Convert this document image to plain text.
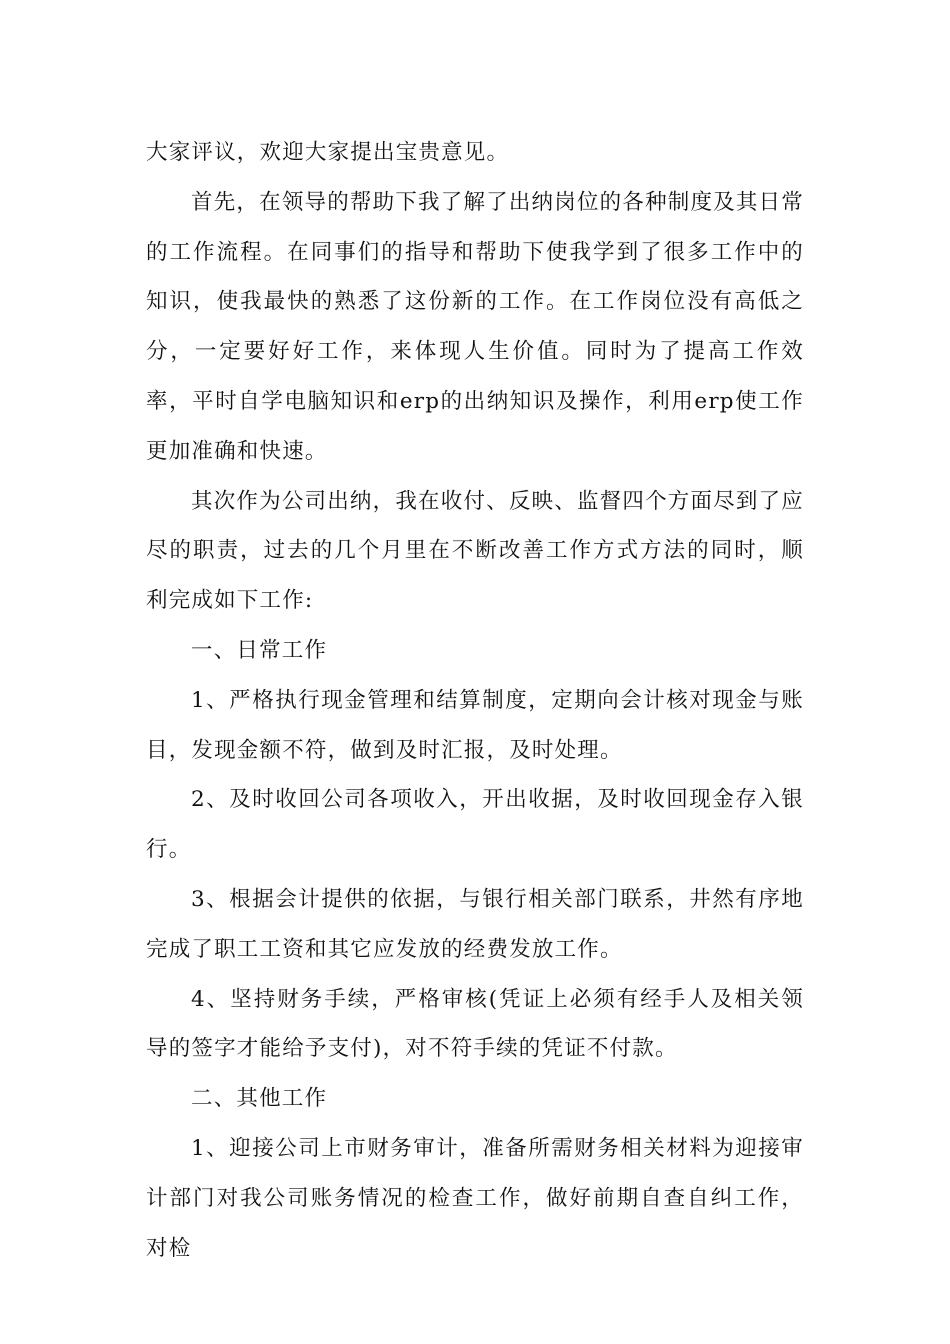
大家评议，欢迎大家提出宝贵意见。

首先，在领导的帮助下我了解了出纳岗位的各种制度及其日常的工作流程。在同事们的指导和帮助下使我学到了很多工作中的知识，使我最快的熟悉了这份新的工作。在工作岗位没有高低之分，一定要好好工作，来体现人生价值。同时为了提高工作效率，平时自学电脑知识和erp的出纳知识及操作，利用erp使工作更加准确和快速。

其次作为公司出纳，我在收付、反映、监督四个方面尽到了应尽的职责，过去的几个月里在不断改善工作方式方法的同时，顺利完成如下工作:

一、日常工作

1、严格执行现金管理和结算制度，定期向会计核对现金与账目，发现金额不符，做到及时汇报，及时处理。

2、及时收回公司各项收入，开出收据，及时收回现金存入银行。

3、根据会计提供的依据，与银行相关部门联系，井然有序地完成了职工工资和其它应发放的经费发放工作。

4、坚持财务手续，严格审核(凭证上必须有经手人及相关领导的签字才能给予支付)，对不符手续的凭证不付款。

二、其他工作

1、迎接公司上市财务审计，准备所需财务相关材料为迎接审计部门对我公司账务情况的检查工作，做好前期自查自纠工作，对检
